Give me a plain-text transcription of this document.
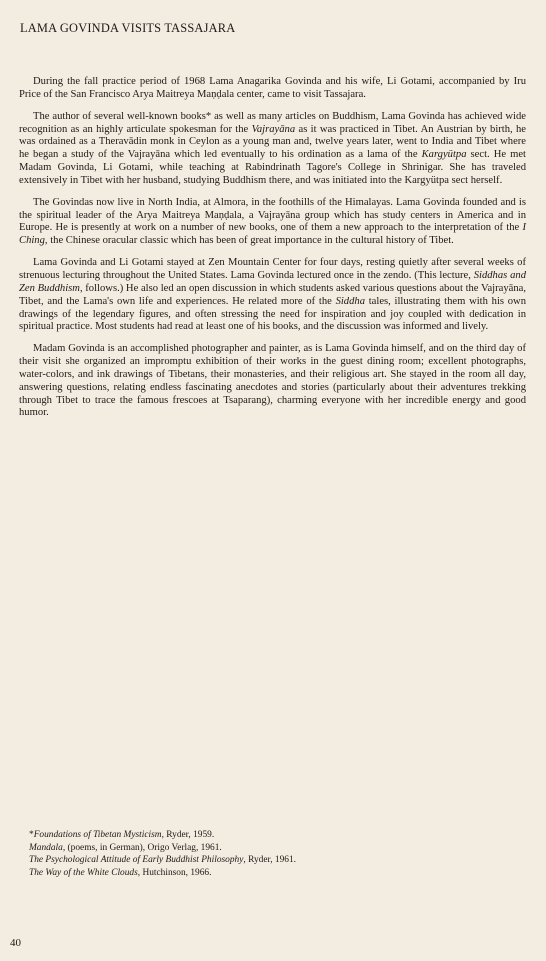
LAMA GOVINDA VISITS TASSAJARA

During the fall practice period of 1968 Lama Anagarika Govinda and his wife, Li Gotami, accompanied by Iru Price of the San Francisco Arya Maitreya Maṇḍala center, came to visit Tassajara.

The author of several well-known books* as well as many articles on Buddhism, Lama Govinda has achieved wide recognition as an highly articulate spokesman for the Vajrayāna as it was practiced in Tibet. An Austrian by birth, he was ordained as a Theravādin monk in Ceylon as a young man and, twelve years later, went to India and Tibet where he began a study of the Vajrayāna which led eventually to his ordination as a lama of the Kargyütpa sect. He met Madam Govinda, Li Gotami, while teaching at Rabindrinath Tagore's College in Shrinigar. She has traveled extensively in Tibet with her husband, studying Buddhism there, and was initiated into the Kargyütpa sect herself.

The Govindas now live in North India, at Almora, in the foothills of the Himalayas. Lama Govinda founded and is the spiritual leader of the Arya Maitreya Maṇḍala, a Vajrayāna group which has study centers in America and in Europe. He is presently at work on a number of new books, one of them a new approach to the interpretation of the I Ching, the Chinese oracular classic which has been of great importance in the cultural history of Tibet.

Lama Govinda and Li Gotami stayed at Zen Mountain Center for four days, resting quietly after several weeks of strenuous lecturing throughout the United States. Lama Govinda lectured once in the zendo. (This lecture, Siddhas and Zen Buddhism, follows.) He also led an open discussion in which students asked various questions about the Vajrayāna, Tibet, and the Lama's own life and experiences. He related more of the Siddha tales, illustrating them with his own drawings of the legendary figures, and often stressing the need for inspiration and joy coupled with dedication in spiritual practice. Most students had read at least one of his books, and the discussion was informed and lively.

Madam Govinda is an accomplished photographer and painter, as is Lama Govinda himself, and on the third day of their visit she organized an impromptu exhibition of their works in the guest dining room; excellent photographs, water-colors, and ink drawings of Tibetans, their monasteries, and their religious art. She stayed in the room all day, answering questions, relating endless fascinating anecdotes and stories (particularly about their adventures trekking through Tibet to trace the famous frescoes at Tsaparang), charming everyone with her incredible energy and good humor.

*Foundations of Tibetan Mysticism, Ryder, 1959.
Mandala, (poems, in German), Origo Verlag, 1961.
The Psychological Attitude of Early Buddhist Philosophy, Ryder, 1961.
The Way of the White Clouds, Hutchinson, 1966.
40
